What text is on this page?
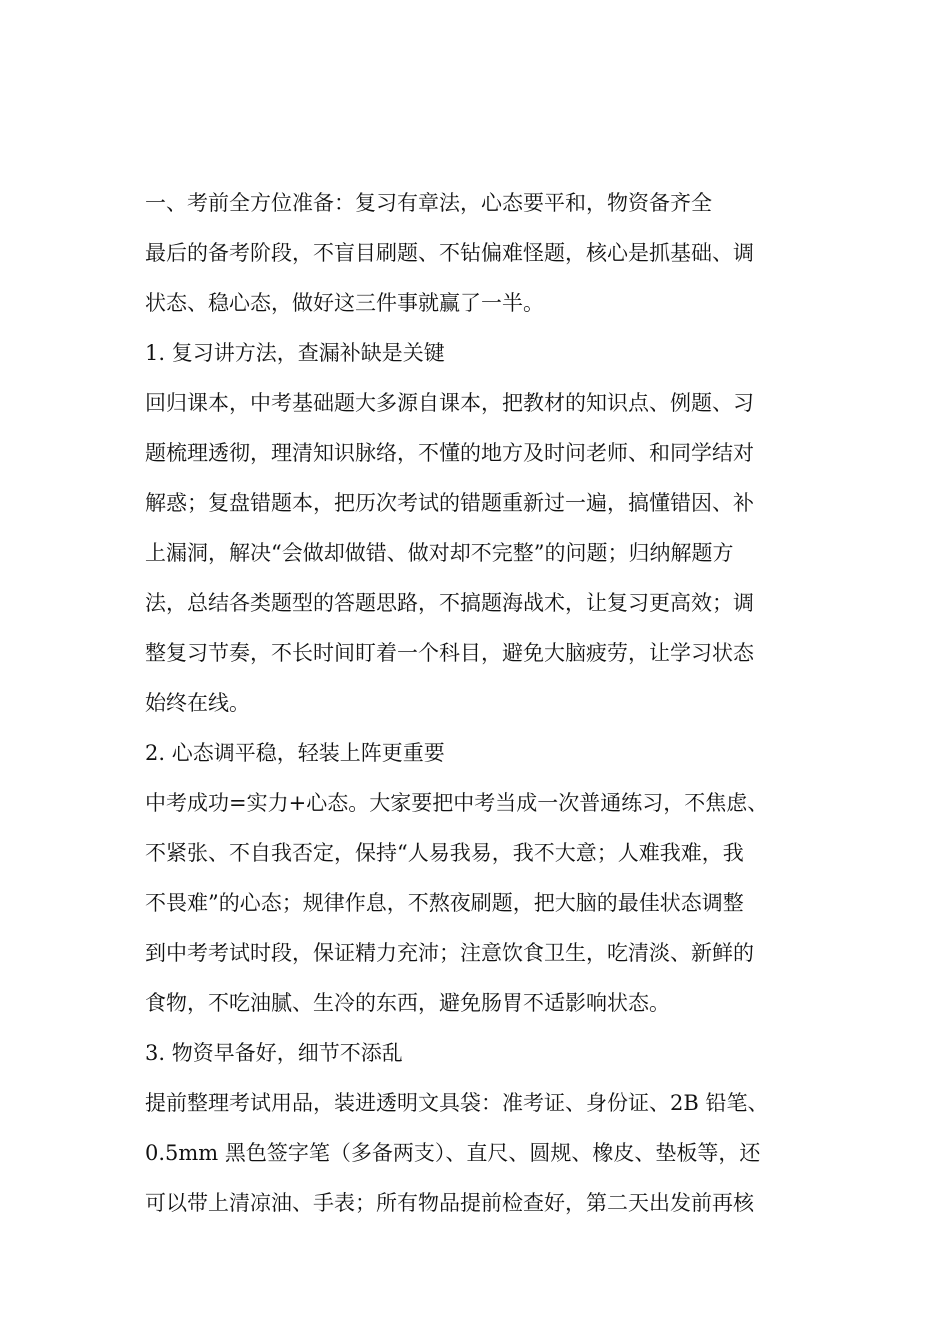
一、考前全方位准备：复习有章法，心态要平和，物资备齐全
最后的备考阶段，不盲目刷题、不钻偏难怪题，核心是抓基础、调
状态、稳心态，做好这三件事就赢了一半。
1. 复习讲方法，查漏补缺是关键
回归课本，中考基础题大多源自课本，把教材的知识点、例题、习
题梳理透彻，理清知识脉络，不懂的地方及时问老师、和同学结对
解惑；复盘错题本，把历次考试的错题重新过一遍，搞懂错因、补
上漏洞，解决“会做却做错、做对却不完整”的问题；归纳解题方
法，总结各类题型的答题思路，不搞题海战术，让复习更高效；调
整复习节奏，不长时间盯着一个科目，避免大脑疲劳，让学习状态
始终在线。
2. 心态调平稳，轻装上阵更重要
中考成功=实力+心态。大家要把中考当成一次普通练习，不焦虑、
不紧张、不自我否定，保持“人易我易，我不大意；人难我难，我
不畏难”的心态；规律作息，不熬夜刷题，把大脑的最佳状态调整
到中考考试时段，保证精力充沛；注意饮食卫生，吃清淡、新鲜的
食物，不吃油腻、生冷的东西，避免肠胃不适影响状态。
3. 物资早备好，细节不添乱
提前整理考试用品，装进透明文具袋：准考证、身份证、2B 铅笔、
0.5mm 黑色签字笔（多备两支）、直尺、圆规、橡皮、垫板等，还
可以带上清凉油、手表；所有物品提前检查好，第二天出发前再核
